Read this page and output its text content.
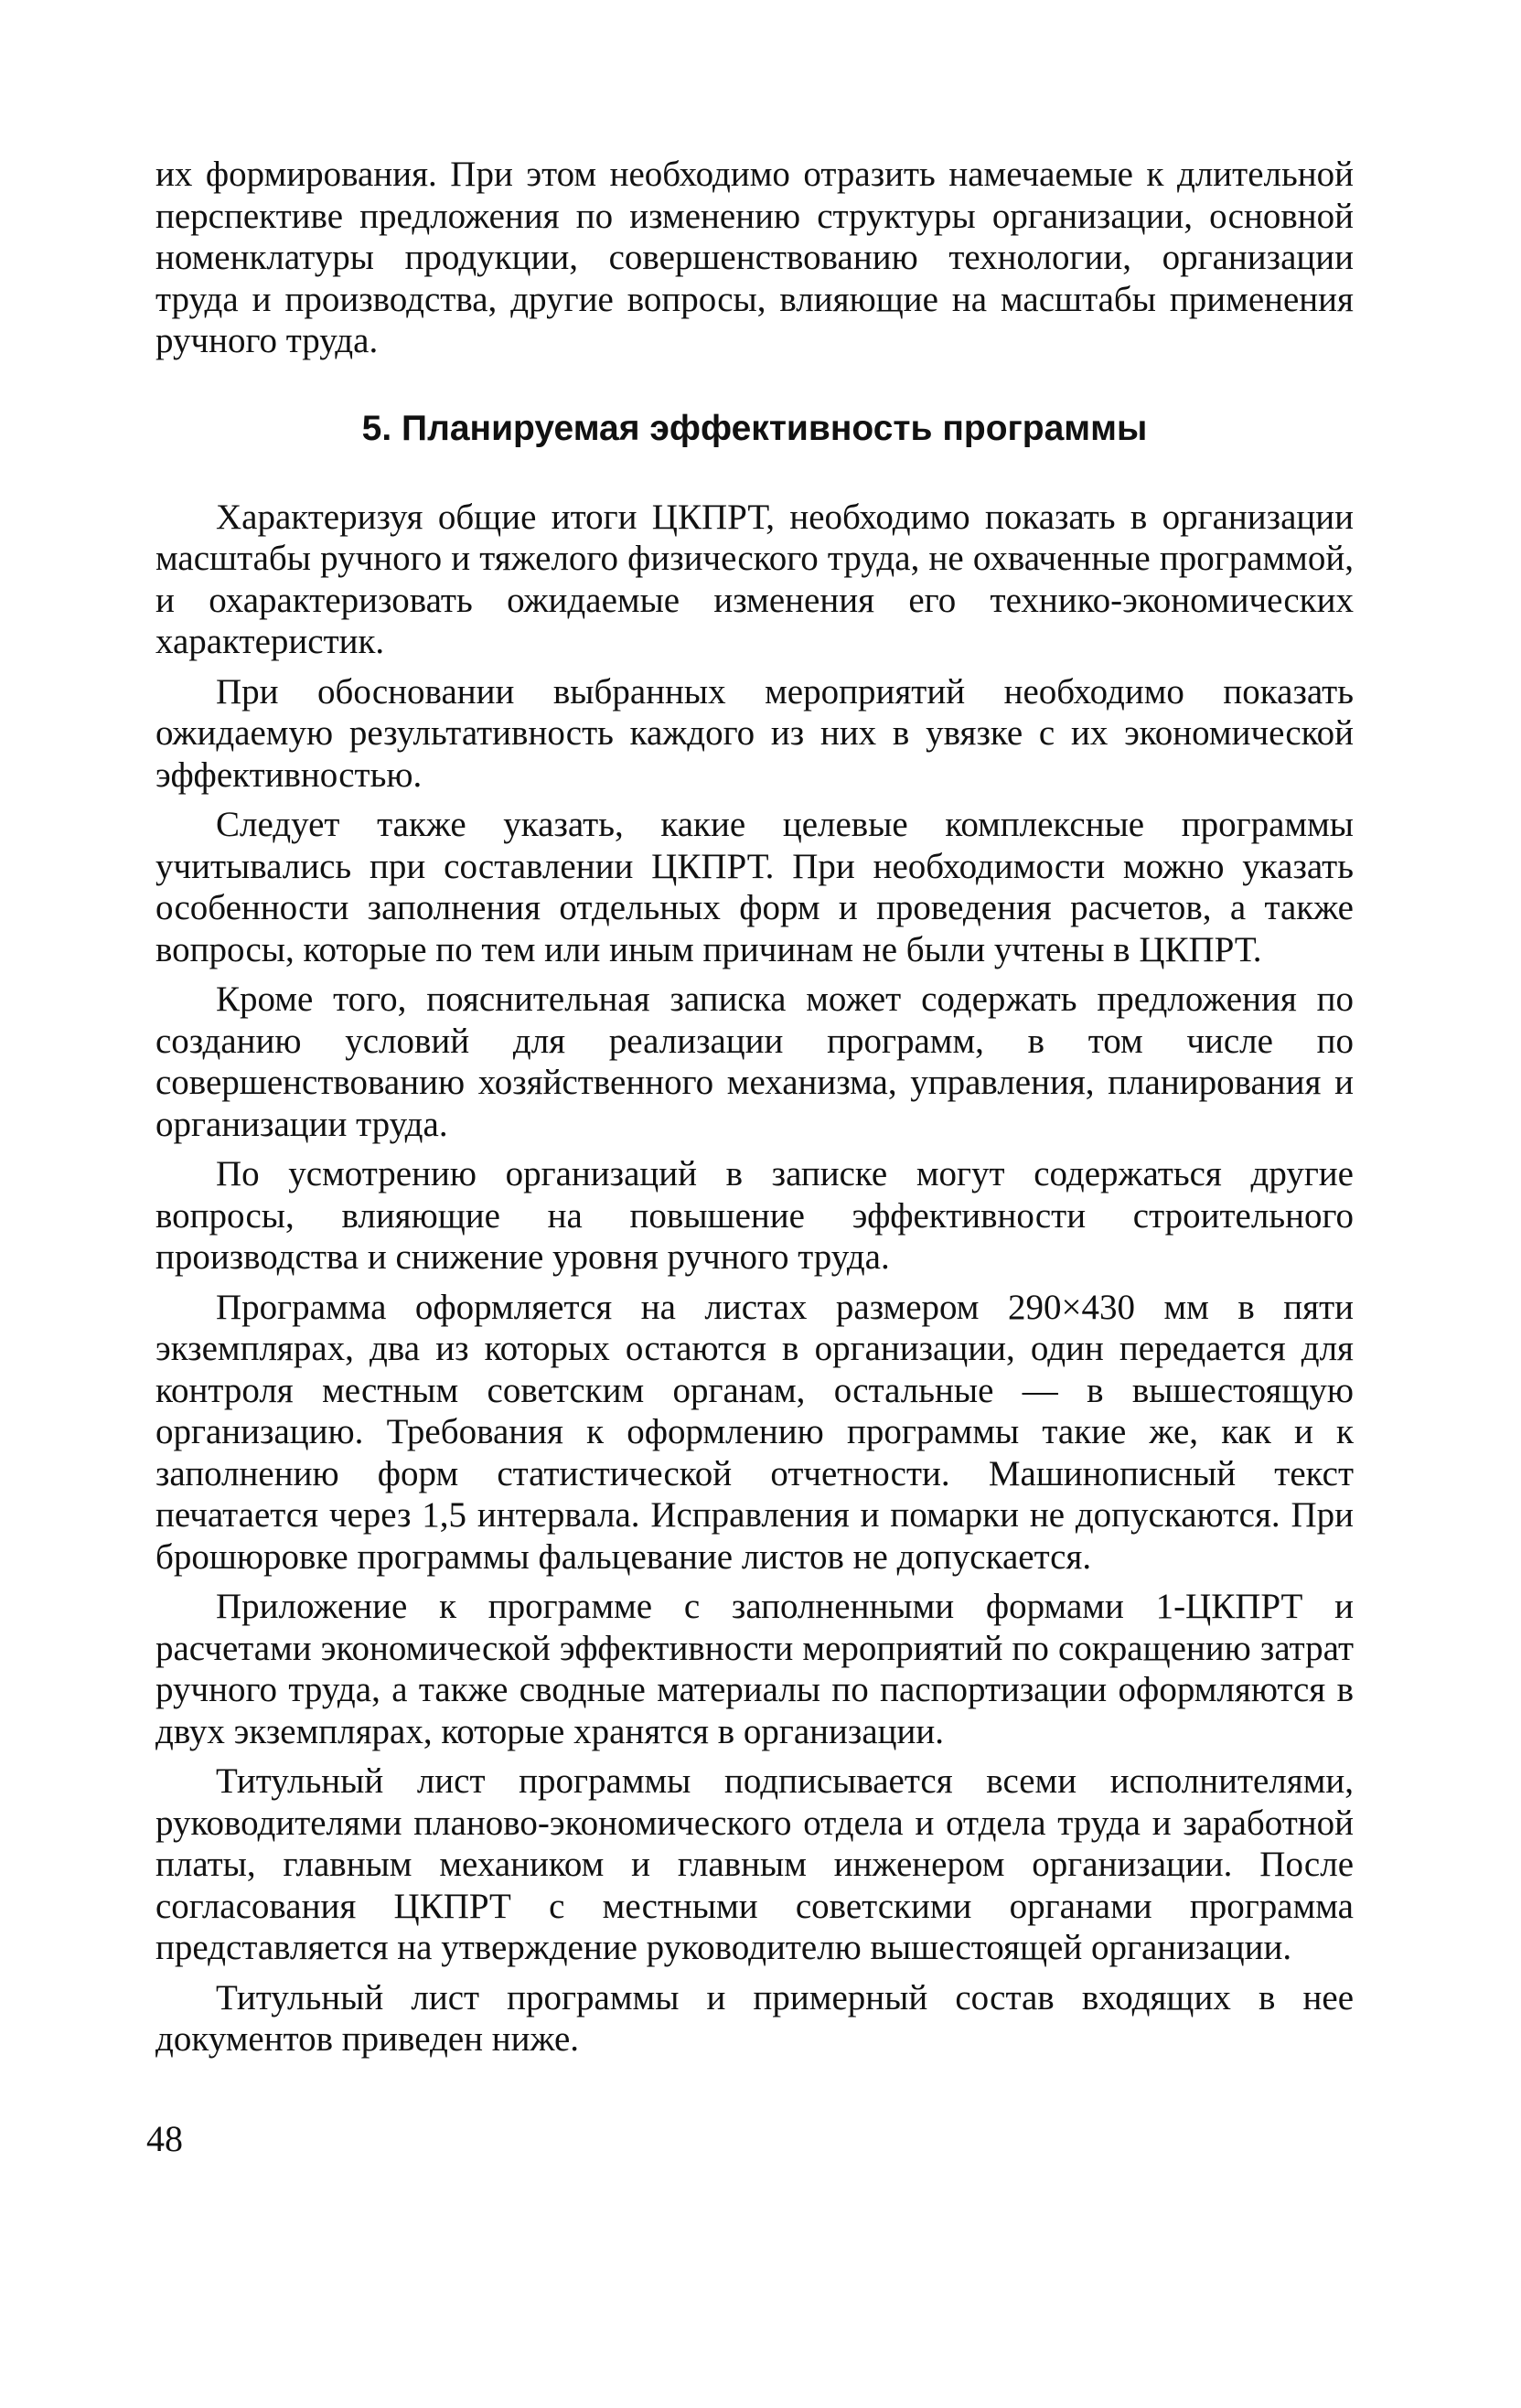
их формирования. При этом необходимо отразить намечаемые к длительной перспективе предложения по изменению структуры организации, основной номенклатуры продукции, совершенствованию технологии, организации труда и производства, другие вопросы, влияющие на масштабы применения ручного труда.

5. Планируемая эффективность программы

Характеризуя общие итоги ЦКПРТ, необходимо показать в организации масштабы ручного и тяжелого физического труда, не охваченные программой, и охарактеризовать ожидаемые изменения его технико-экономических характеристик.

При обосновании выбранных мероприятий необходимо показать ожидаемую результативность каждого из них в увязке с их экономической эффективностью.

Следует также указать, какие целевые комплексные программы учитывались при составлении ЦКПРТ. При необходимости можно указать особенности заполнения отдельных форм и проведения расчетов, а также вопросы, которые по тем или иным причинам не были учтены в ЦКПРТ.

Кроме того, пояснительная записка может содержать предложения по созданию условий для реализации программ, в том числе по совершенствованию хозяйственного механизма, управления, планирования и организации труда.

По усмотрению организаций в записке могут содержаться другие вопросы, влияющие на повышение эффективности строительного производства и снижение уровня ручного труда.

Программа оформляется на листах размером 290×430 мм в пяти экземплярах, два из которых остаются в организации, один передается для контроля местным советским органам, остальные — в вышестоящую организацию. Требования к оформлению программы такие же, как и к заполнению форм статистической отчетности. Машинописный текст печатается через 1,5 интервала. Исправления и помарки не допускаются. При брошюровке программы фальцевание листов не допускается.

Приложение к программе с заполненными формами 1-ЦКПРТ и расчетами экономической эффективности мероприятий по сокращению затрат ручного труда, а также сводные материалы по паспортизации оформляются в двух экземплярах, которые хранятся в организации.

Титульный лист программы подписывается всеми исполнителями, руководителями планово-экономического отдела и отдела труда и заработной платы, главным механиком и главным инженером организации. После согласования ЦКПРТ с местными советскими органами программа представляется на утверждение руководителю вышестоящей организации.

Титульный лист программы и примерный состав входящих в нее документов приведен ниже.

48
